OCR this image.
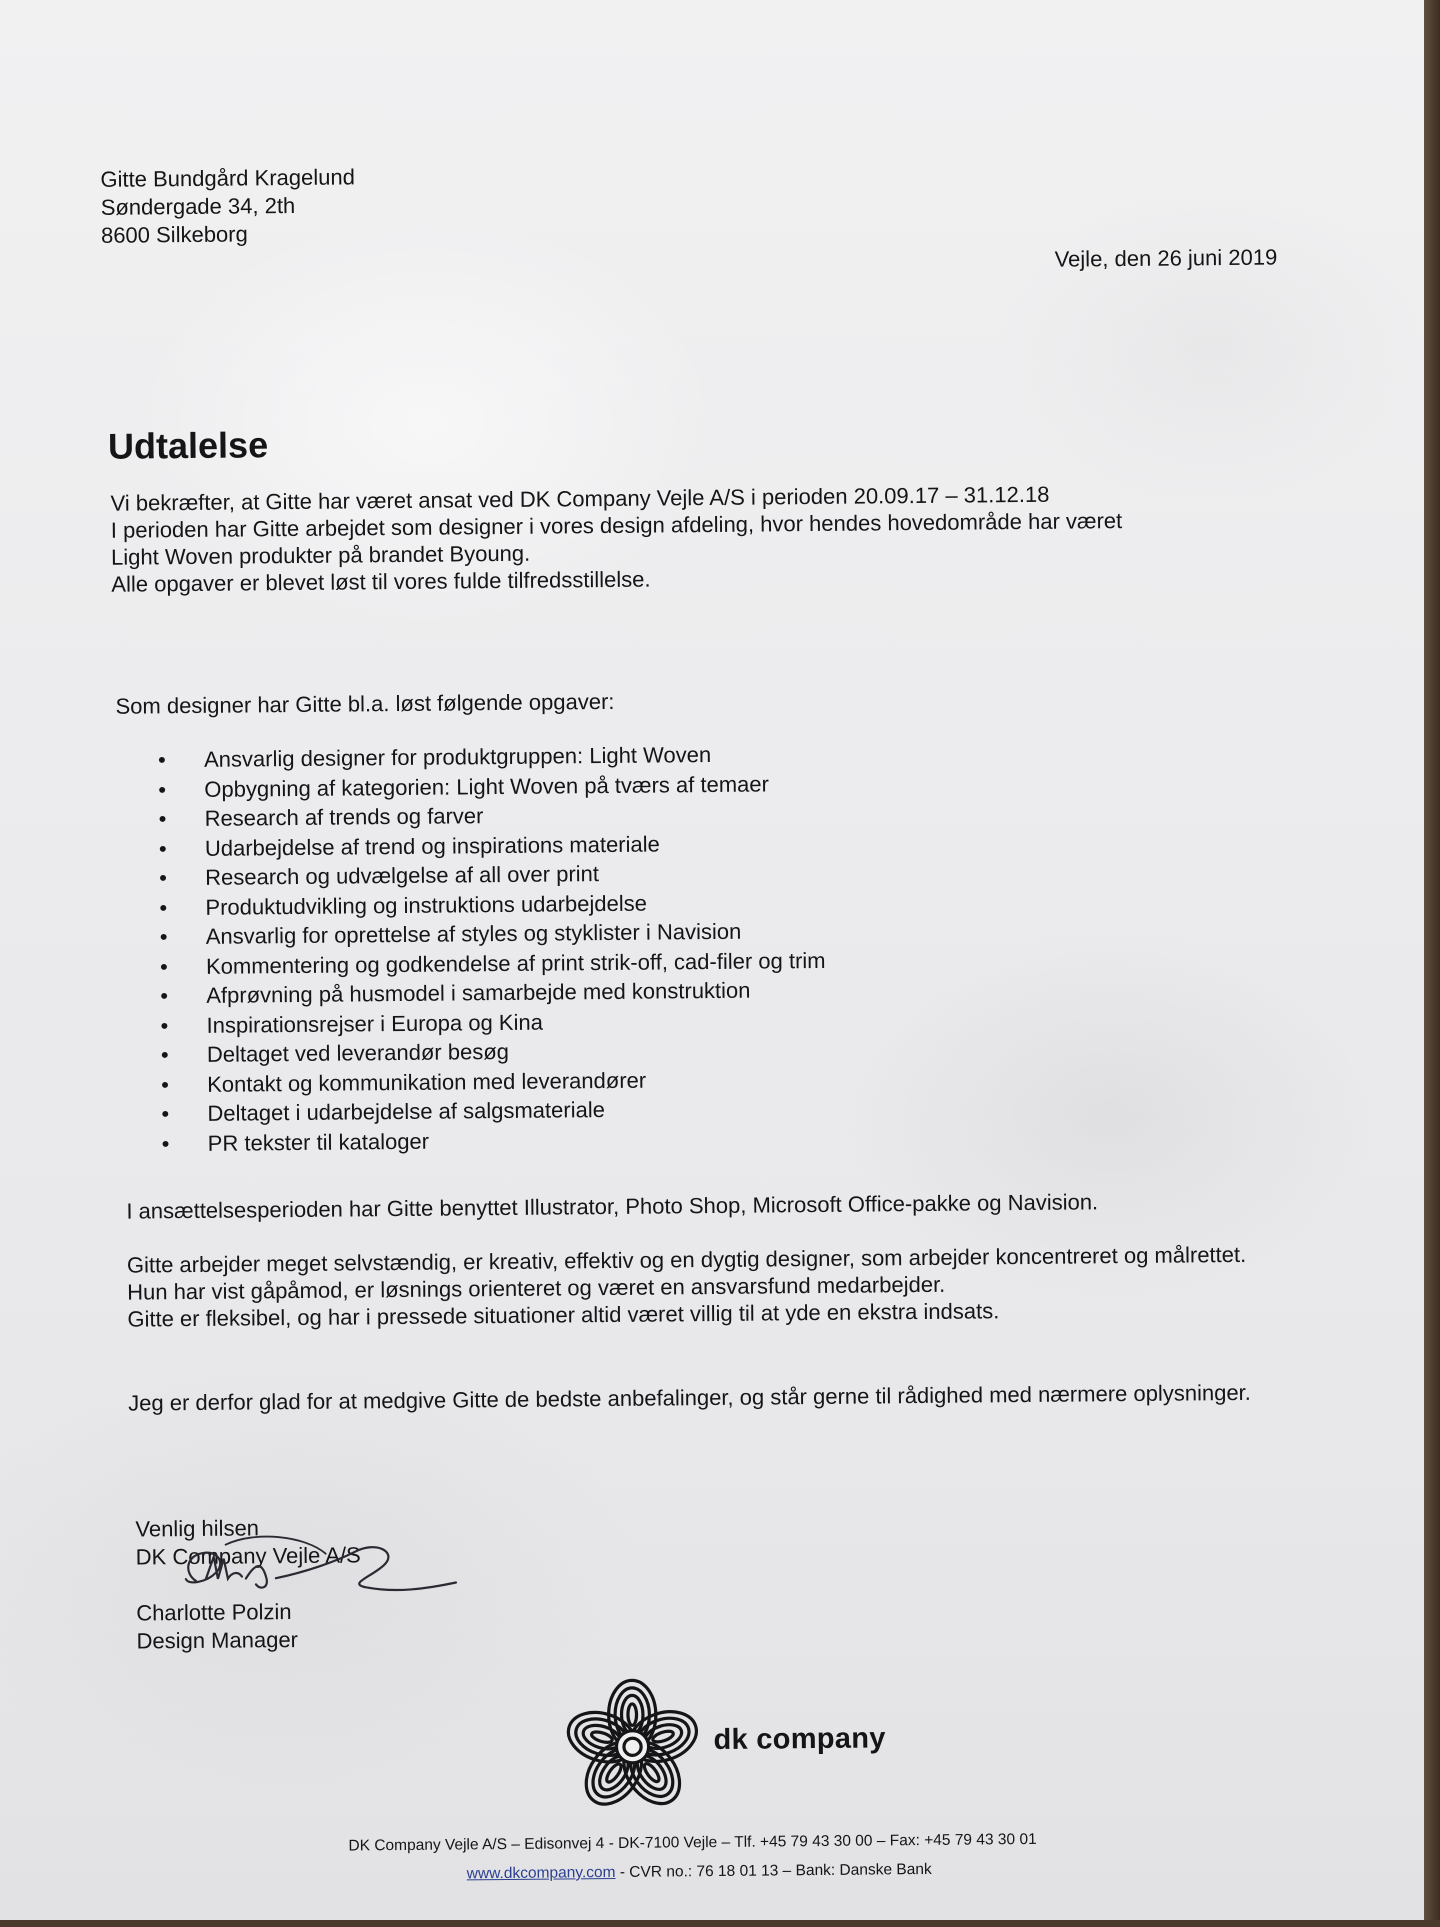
Gitte Bundgård Kragelund
Søndergade 34, 2th
8600 Silkeborg
Vejle, den 26 juni 2019
Udtalelse

Vi bekræfter, at Gitte har været ansat ved DK Company Vejle A/S i perioden 20.09.17 – 31.12.18

I perioden har Gitte arbejdet som designer i vores design afdeling, hvor hendes hovedområde har været

Light Woven produkter på brandet Byoung.

Alle opgaver er blevet løst til vores fulde tilfredsstillelse.

Som designer har Gitte bl.a. løst følgende opgaver:
• Ansvarlig designer for produktgruppen: Light Woven
• Opbygning af kategorien: Light Woven på tværs af temaer
• Research af trends og farver
• Udarbejdelse af trend og inspirations materiale
• Research og udvælgelse af all over print
• Produktudvikling og instruktions udarbejdelse
• Ansvarlig for oprettelse af styles og styklister i Navision
• Kommentering og godkendelse af print strik-off, cad-filer og trim
• Afprøvning på husmodel i samarbejde med konstruktion
• Inspirationsrejser i Europa og Kina
• Deltaget ved leverandør besøg
• Kontakt og kommunikation med leverandører
• Deltaget i udarbejdelse af salgsmateriale
• PR tekster til kataloger

I ansættelsesperioden har Gitte benyttet Illustrator, Photo Shop, Microsoft Office-pakke og Navision.

Gitte arbejder meget selvstændig, er kreativ, effektiv og en dygtig designer, som arbejder koncentreret og målrettet.

Hun har vist gåpåmod, er løsnings orienteret og været en ansvarsfund medarbejder.

Gitte er fleksibel, og har i pressede situationer altid været villig til at yde en ekstra indsats.

Jeg er derfor glad for at medgive Gitte de bedste anbefalinger, og står gerne til rådighed med nærmere oplysninger.

Venlig hilsen
DK Company Vejle A/S
Charlotte Polzin
Design Manager
dk company
DK Company Vejle A/S – Edisonvej 4 - DK-7100 Vejle – Tlf. +45 79 43 30 00 – Fax: +45 79 43 30 01
www.dkcompany.com - CVR no.: 76 18 01 13 – Bank: Danske Bank
